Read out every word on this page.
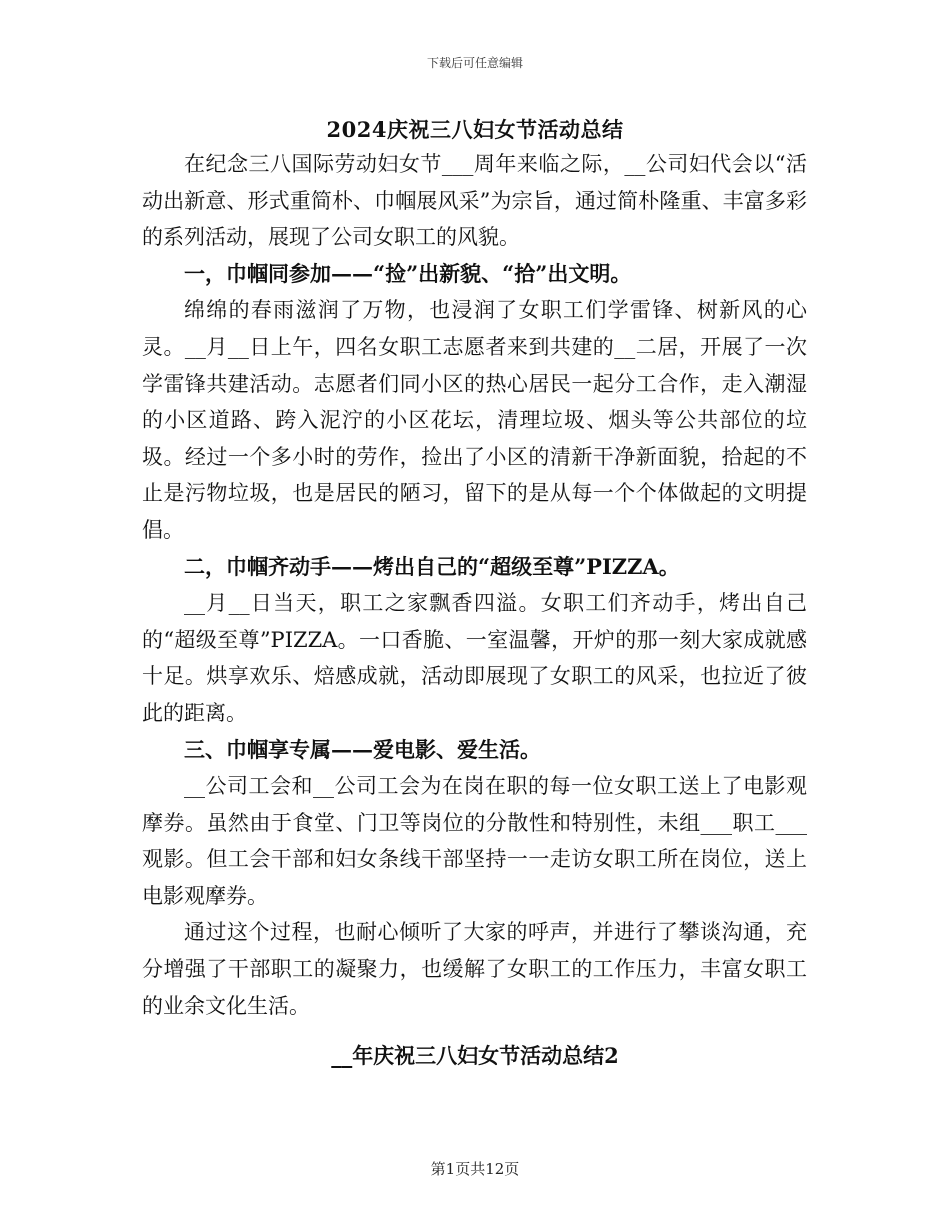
下载后可任意编辑
2024庆祝三八妇女节活动总结

在纪念三八国际劳动妇女节___周年来临之际，__公司妇代会以“活动出新意、形式重简朴、巾帼展风采”为宗旨，通过简朴隆重、丰富多彩的系列活动，展现了公司女职工的风貌。

一，巾帼同参加——“捡”出新貌、“拾”出文明。

绵绵的春雨滋润了万物，也浸润了女职工们学雷锋、树新风的心灵。__月__日上午，四名女职工志愿者来到共建的__二居，开展了一次学雷锋共建活动。志愿者们同小区的热心居民一起分工合作，走入潮湿的小区道路、跨入泥泞的小区花坛，清理垃圾、烟头等公共部位的垃圾。经过一个多小时的劳作，捡出了小区的清新干净新面貌，拾起的不止是污物垃圾，也是居民的陋习，留下的是从每一个个体做起的文明提倡。

二，巾帼齐动手——烤出自己的“超级至尊”PIZZA。

__月__日当天，职工之家飘香四溢。女职工们齐动手，烤出自己的“超级至尊”PIZZA。一口香脆、一室温馨，开炉的那一刻大家成就感十足。烘享欢乐、焙感成就，活动即展现了女职工的风采，也拉近了彼此的距离。

三、巾帼享专属——爱电影、爱生活。

__公司工会和__公司工会为在岗在职的每一位女职工送上了电影观摩券。虽然由于食堂、门卫等岗位的分散性和特别性，未组___职工___观影。但工会干部和妇女条线干部坚持一一走访女职工所在岗位，送上电影观摩券。

通过这个过程，也耐心倾听了大家的呼声，并进行了攀谈沟通，充分增强了干部职工的凝聚力，也缓解了女职工的工作压力，丰富女职工的业余文化生活。

__年庆祝三八妇女节活动总结2
第1页共12页
